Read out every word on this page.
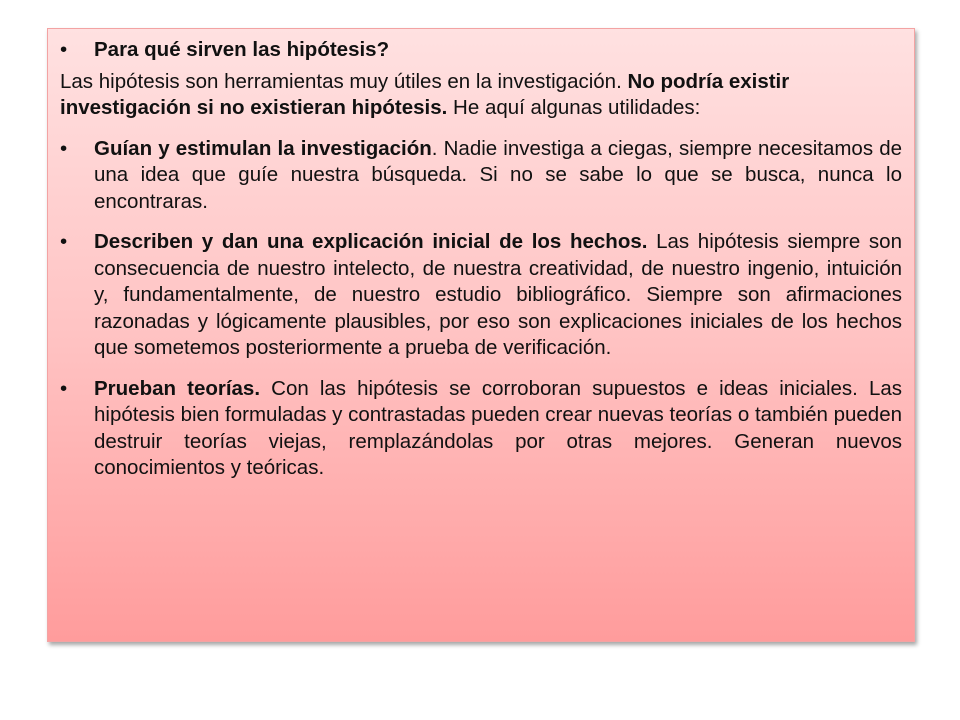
•	Para qué sirven las hipótesis?
Las hipótesis son herramientas muy útiles en la investigación. No podría existir investigación si no existieran hipótesis. He aquí algunas utilidades:
•	Guían y estimulan la investigación. Nadie investiga a ciegas, siempre necesitamos de una idea que guíe nuestra búsqueda. Si no se sabe lo que se busca, nunca lo encontraras.
•	Describen y dan una explicación inicial de los hechos. Las hipótesis siempre son consecuencia de nuestro intelecto, de nuestra creatividad, de nuestro ingenio, intuición y, fundamentalmente, de nuestro estudio bibliográfico. Siempre son afirmaciones razonadas y lógicamente plausibles, por eso son explicaciones iniciales de los hechos que sometemos posteriormente a prueba de verificación.
•	Prueban teorías. Con las hipótesis se corroboran supuestos e ideas iniciales. Las hipótesis bien formuladas y contrastadas pueden crear nuevas teorías o también pueden destruir teorías viejas, remplazándolas por otras mejores. Generan nuevos conocimientos y teóricas.
